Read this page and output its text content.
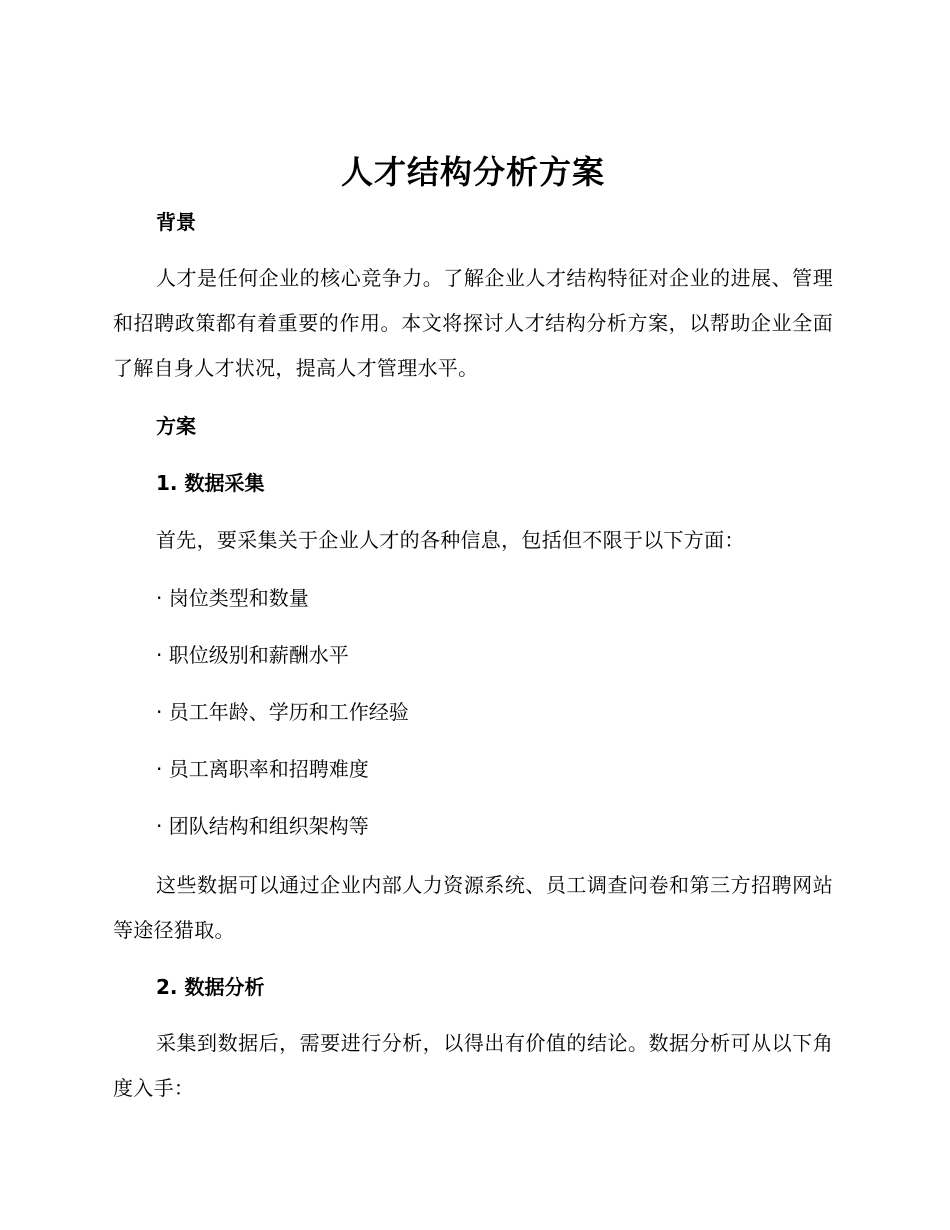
人才结构分析方案
背景

人才是任何企业的核心竞争力。了解企业人才结构特征对企业的进展、管理和招聘政策都有着重要的作用。本文将探讨人才结构分析方案，以帮助企业全面了解自身人才状况，提高人才管理水平。

方案
1. 数据采集

首先，要采集关于企业人才的各种信息，包括但不限于以下方面：

· 岗位类型和数量
· 职位级别和薪酬水平
· 员工年龄、学历和工作经验
· 员工离职率和招聘难度
· 团队结构和组织架构等

这些数据可以通过企业内部人力资源系统、员工调查问卷和第三方招聘网站等途径猎取。

2. 数据分析

采集到数据后，需要进行分析，以得出有价值的结论。数据分析可从以下角度入手：
